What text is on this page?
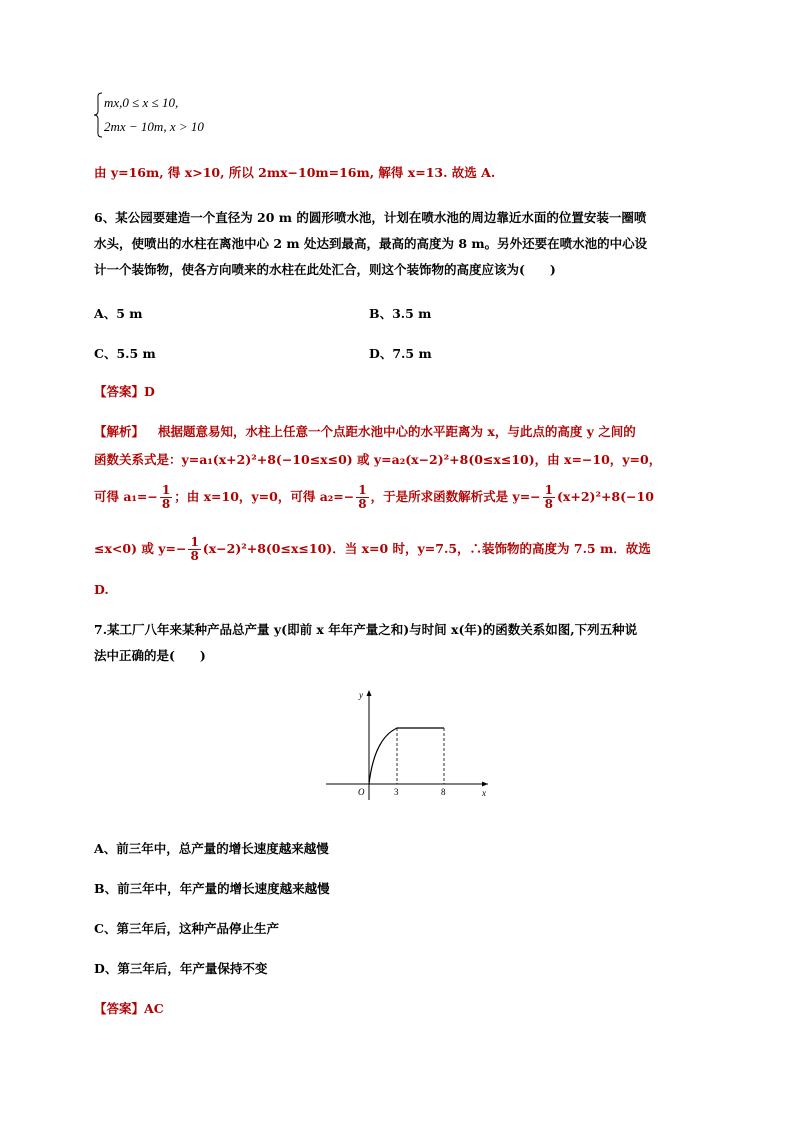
mx,0 ≤ x ≤ 10,
2mx − 10m, x > 10
由 y=16m, 得 x>10, 所以 2mx−10m=16m, 解得 x=13. 故选 A.
6、某公园要建造一个直径为 20 m 的圆形喷水池，计划在喷水池的周边靠近水面的位置安装一圈喷
水头，使喷出的水柱在离池中心 2 m 处达到最高，最高的高度为 8 m。另外还要在喷水池的中心设
计一个装饰物，使各方向喷来的水柱在此处汇合，则这个装饰物的高度应该为(　　)
A、5 m	B、3.5 m
C、5.5 m	D、7.5 m
【答案】D
【解析】 根据题意易知，水柱上任意一个点距水池中心的水平距离为 x，与此点的高度 y 之间的
函数关系式是：y=a₁(x+2)²+8(−10≤x≤0) 或 y=a₂(x−2)²+8(0≤x≤10)，由 x=−10，y=0，
可得 $a_1=- \frac{1}{8}$ ；由 x=10，y=0，可得 $a_2=- \frac{1}{8}$ ，于是所求函数解析式是 $y=- \frac{1}{8} (x+2)^2+8(-10$
≤x<0) 或 $y=- \frac{1}{8} (x-2)^2+8(0\le x\le 10)$．当 x=0 时，y=7.5，∴装饰物的高度为 7.5 m．故选
D.
7.某工厂八年来某种产品总产量 y(即前 x 年年产量之和)与时间 x(年)的函数关系如图,下列五种说
法中正确的是(　　)
y
x
O	3	8
A、前三年中，总产量的增长速度越来越慢
B、前三年中，年产量的增长速度越来越慢
C、第三年后，这种产品停止生产
D、第三年后，年产量保持不变
【答案】AC
